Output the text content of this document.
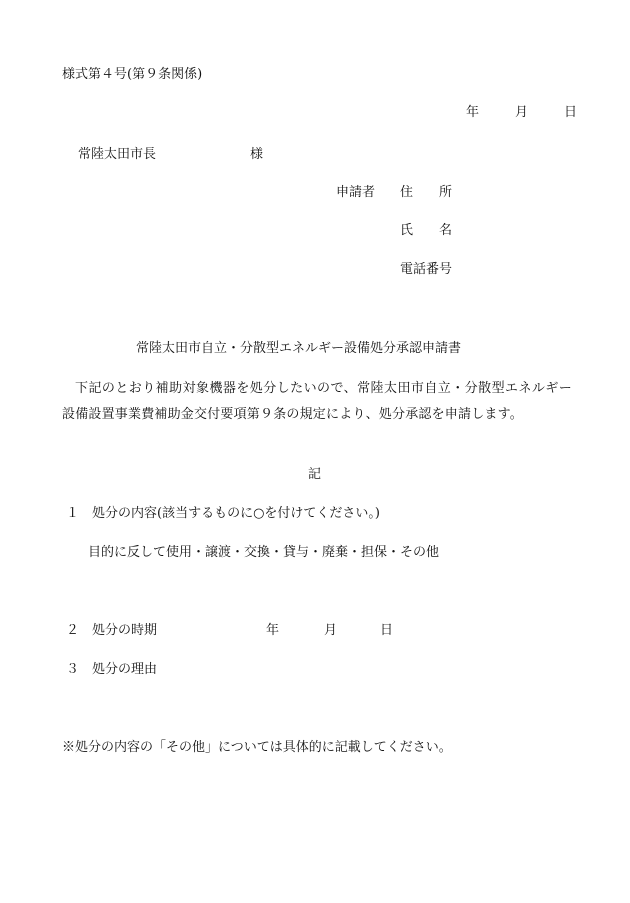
様式第４号(第９条関係)
年	月	日
常陸太田市長	様
申請者 住　　所
氏　　名
電話番号
常陸太田市自立・分散型エネルギー設備処分承認申請書
下記のとおり補助対象機器を処分したいので、常陸太田市自立・分散型エネルギー設備設置事業費補助金交付要項第９条の規定により、処分承認を申請します。
記
１ 処分の内容(該当するものに○を付けてください。)
目的に反して使用・譲渡・交換・貸与・廃棄・担保・その他
２ 処分の時期	年	月	日
３ 処分の理由
※処分の内容の「その他」については具体的に記載してください。
